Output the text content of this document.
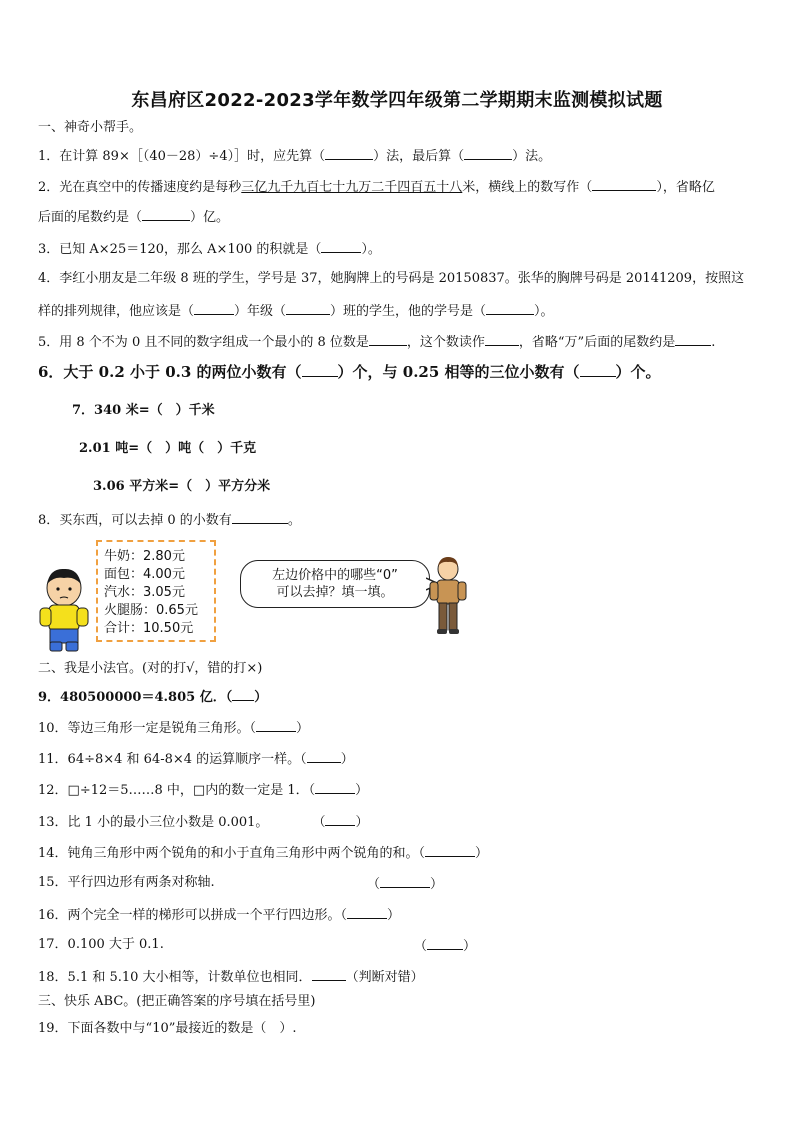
东昌府区2022-2023学年数学四年级第二学期期末监测模拟试题
一、神奇小帮手。
1．在计算 89×［（40－28）÷4）］时，应先算（	）法，最后算（	）法。
2．光在真空中的传播速度约是每秒三亿九千九百七十九万二千四百五十八米，横线上的数写作（	），省略亿
后面的尾数约是（	）亿。
3．已知 A×25＝120，那么 A×100 的积就是（	）。
4．李红小朋友是二年级 8 班的学生，学号是 37，她胸牌上的号码是 20150837。张华的胸牌号码是 20141209，按照这
样的排列规律，他应该是（	）年级（	）班的学生，他的学号是（	）。
5．用 8 个不为 0 且不同的数字组成一个最小的 8 位数是	，这个数读作	，省略“万”后面的尾数约是	.
6．大于 0.2 小于 0.3 的两位小数有（ ）个，与 0.25 相等的三位小数有（ ）个。
7．340 米=（　）千米
2.01 吨=（　）吨（　）千克
3.06 平方米=（　）平方分米
8．买东西，可以去掉 0 的小数有	。
牛奶：2.80元
面包：4.00元
汽水：3.05元
火腿肠：0.65元
合计：10.50元
左边价格中的哪些“0”
可以去掉？填一填。
二、我是小法官。(对的打√，错的打×)
9．480500000＝4.805 亿．（ ）
10．等边三角形一定是锐角三角形。（	）
11．64÷8×4 和 64-8×4 的运算顺序一样。（	）
12．□÷12＝5……8 中，□内的数一定是 1．（	）
13．比 1 小的最小三位小数是 0.001。	（ ）
14．钝角三角形中两个锐角的和小于直角三角形中两个锐角的和。（	）
15．平行四边形有两条对称轴.	（	）
16．两个完全一样的梯形可以拼成一个平行四边形。（	）
17．0.100 大于 0.1.	（	）
18．5.1 和 5.10 大小相等，计数单位也相同．	（判断对错）
三、快乐 ABC。(把正确答案的序号填在括号里)
19．下面各数中与“10”最接近的数是（　）.
